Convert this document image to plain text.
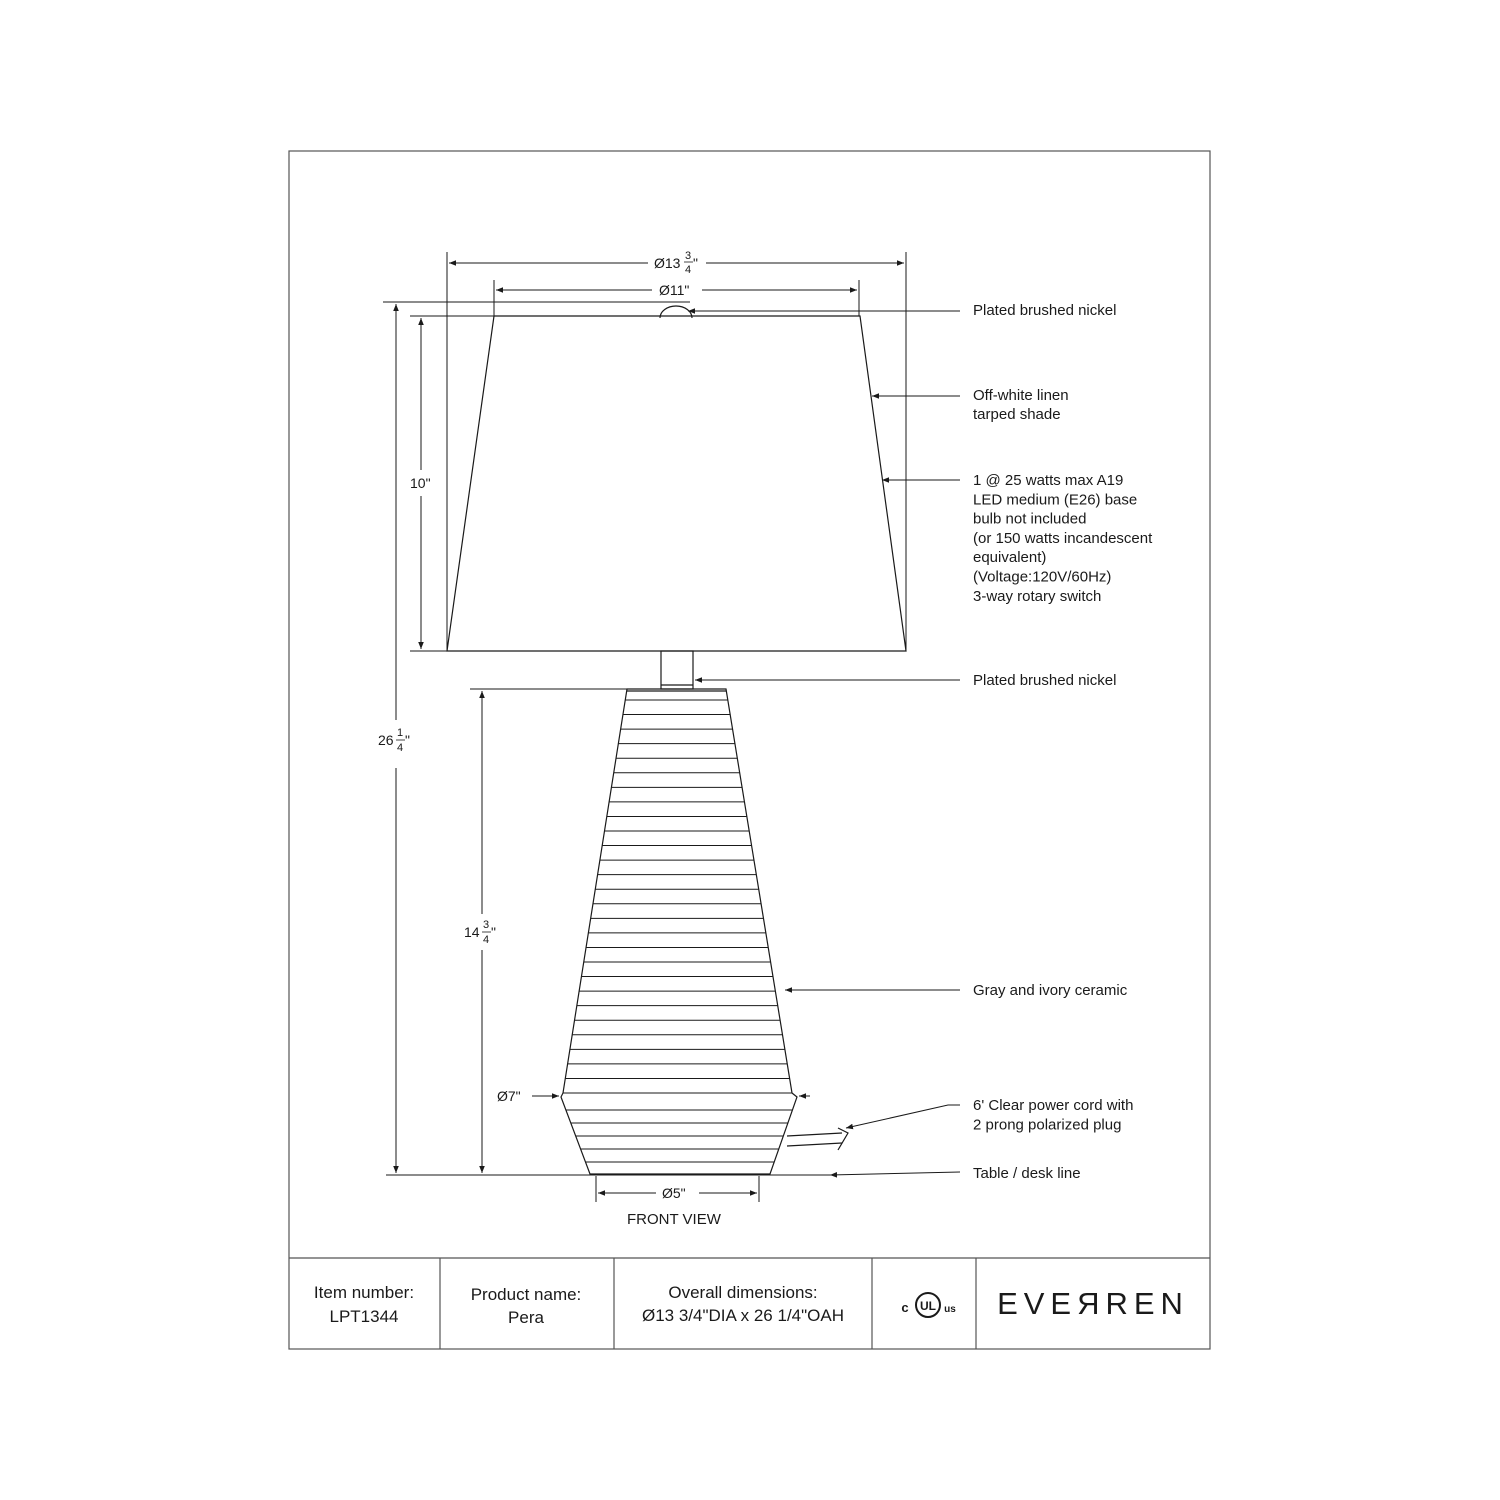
Ø13 3
4 "
Ø11"
10"
26 1
4 "
14 3
4 "
Ø7"
Ø5"
FRONT VIEW
Plated brushed nickel
Off-white linen tarped shade
1 @ 25 watts max A19 LED medium (E26) base bulb not included (or 150 watts incandescent equivalent) (Voltage:120V/60Hz) 3-way rotary switch
Plated brushed nickel
Gray and ivory ceramic
6' Clear power cord with 2 prong polarized plug
Table / desk line
Item number:
LPT1344
Product name:
Pera
Overall dimensions:
Ø13 3/4"DIA x 26 1/4"OAH	UL
c	us EVEЯREN
